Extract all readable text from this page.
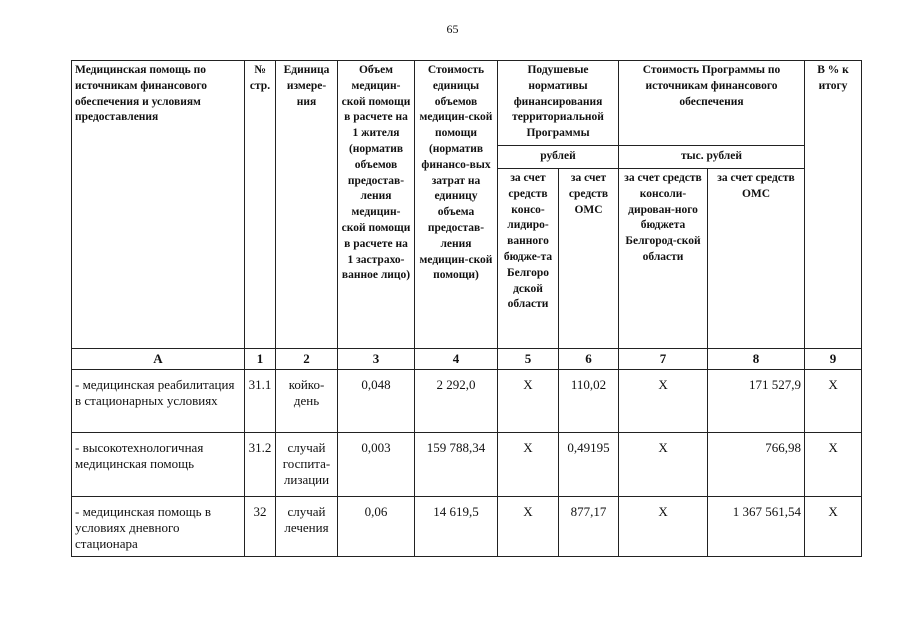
65
Медицинская помощь по источникам финансового обеспечения и условиям предоставления	№ стр.	Единица измере-ния	Объем медицин-ской помощи в расчете на 1 жителя (норматив объемов предостав-ления медицин-ской помощи в расчете на 1 застрахо-ванное лицо)	Стоимость единицы объемов медицин-ской помощи (норматив финансо-вых затрат на единицу объема предостав-ления медицин-ской помощи)	Подушевые нормативы финансирования территориальной Программы		Стоимость Программы по источникам финансового обеспечения		В % к итогу
					рублей		тыс. рублей		
					за счет средств консо-лидиро-ванного бюдже-та Белгоро дской области	за счет средств ОМС	за счет средств консоли-дирован-ного бюджета Белгород-ской области	за счет средств ОМС	
А	1	2	3	4	5	6	7	8	9
- медицинская реабилитация в стационарных условиях	31.1	койко-день	0,048	2 292,0	Х	110,02	Х	171 527,9	Х
- высокотехнологичная медицинская помощь	31.2	случай госпита-лизации	0,003	159 788,34	Х	0,49195	Х	766,98	Х
- медицинская помощь в условиях дневного стационара	32	случай лечения	0,06	14 619,5	Х	877,17	Х	1 367 561,54	Х
